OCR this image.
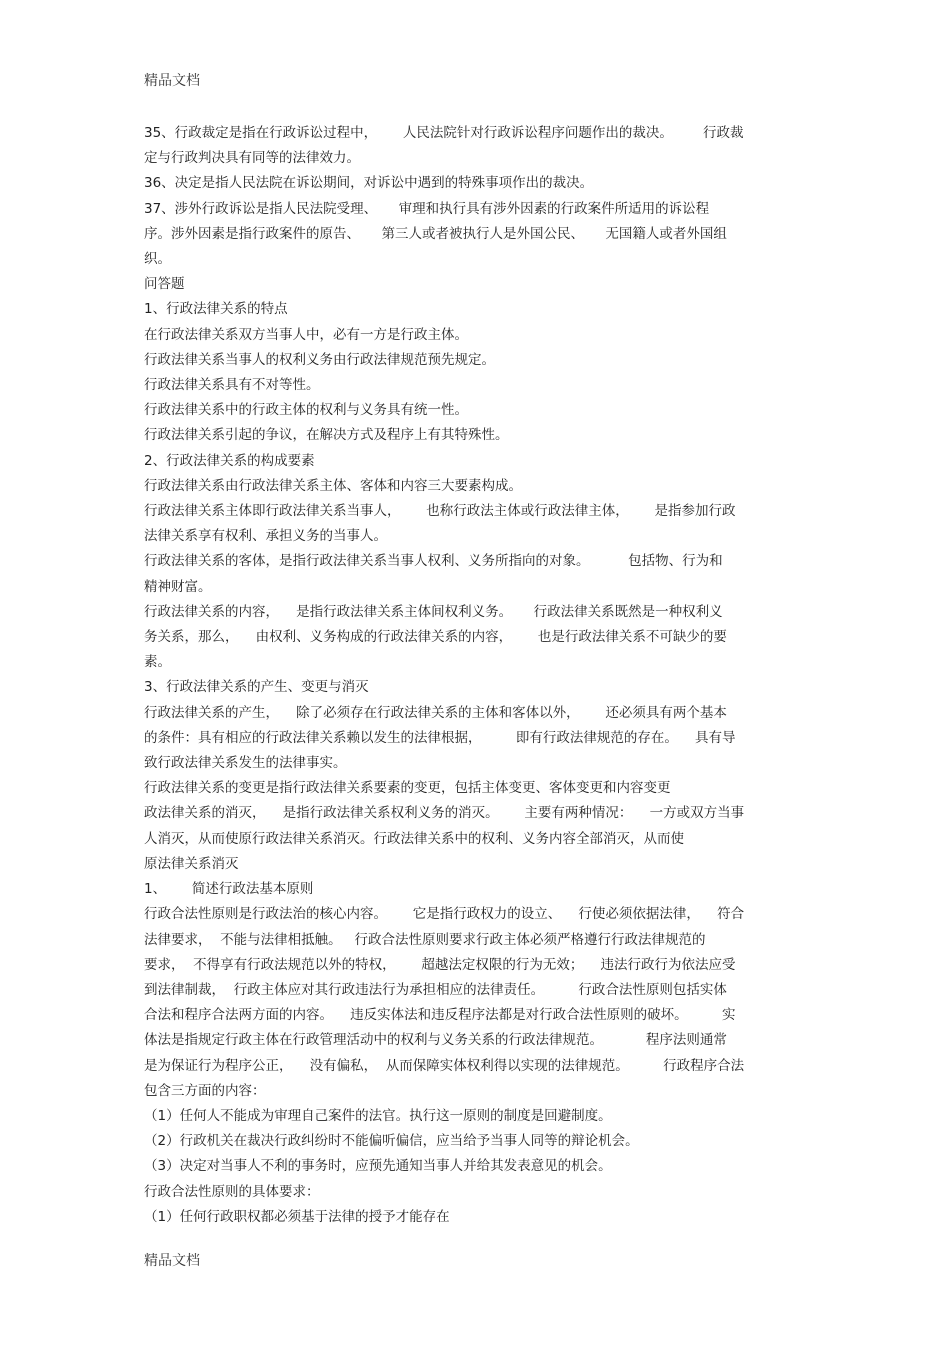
精品文档

35、行政裁定是指在行政诉讼过程中，      人民法院针对行政诉讼程序问题作出的裁决。       行政裁

定与行政判决具有同等的法律效力。

36、决定是指人民法院在诉讼期间，对诉讼中遇到的特殊事项作出的裁决。

37、涉外行政诉讼是指人民法院受理、     审理和执行具有涉外因素的行政案件所适用的诉讼程

序。涉外因素是指行政案件的原告、     第三人或者被执行人是外国公民、     无国籍人或者外国组

织。

问答题

1、行政法律关系的特点

在行政法律关系双方当事人中，必有一方是行政主体。

行政法律关系当事人的权利义务由行政法律规范预先规定。

行政法律关系具有不对等性。

行政法律关系中的行政主体的权利与义务具有统一性。

行政法律关系引起的争议，在解决方式及程序上有其特殊性。

2、行政法律关系的构成要素

行政法律关系由行政法律关系主体、客体和内容三大要素构成。

行政法律关系主体即行政法律关系当事人，      也称行政法主体或行政法律主体，      是指参加行政

法律关系享有权利、承担义务的当事人。

行政法律关系的客体，是指行政法律关系当事人权利、义务所指向的对象。         包括物、行为和

精神财富。

行政法律关系的内容，    是指行政法律关系主体间权利义务。     行政法律关系既然是一种权利义

务关系，那么，    由权利、义务构成的行政法律关系的内容，      也是行政法律关系不可缺少的要

素。

3、行政法律关系的产生、变更与消灭

行政法律关系的产生，    除了必须存在行政法律关系的主体和客体以外，      还必须具有两个基本

的条件：具有相应的行政法律关系赖以发生的法律根据，        即有行政法律规范的存在。    具有导

致行政法律关系发生的法律事实。

行政法律关系的变更是指行政法律关系要素的变更，包括主体变更、客体变更和内容变更

政法律关系的消灭，    是指行政法律关系权利义务的消灭。      主要有两种情况：    一方或双方当事

人消灭，从而使原行政法律关系消灭。行政法律关系中的权利、义务内容全部消灭，从而使

原法律关系消灭

1、      简述行政法基本原则

行政合法性原则是行政法治的核心内容。      它是指行政权力的设立、    行使必须依据法律，    符合

法律要求，  不能与法律相抵触。   行政合法性原则要求行政主体必须严格遵行行政法律规范的

要求，  不得享有行政法规范以外的特权，      超越法定权限的行为无效；    违法行政行为依法应受

到法律制裁，  行政主体应对其行政违法行为承担相应的法律责任。        行政合法性原则包括实体

合法和程序合法两方面的内容。    违反实体法和违反程序法都是对行政合法性原则的破坏。        实

体法是指规定行政主体在行政管理活动中的权利与义务关系的行政法律规范。          程序法则通常

是为保证行为程序公正，    没有偏私，  从而保障实体权利得以实现的法律规范。        行政程序合法

包含三方面的内容：

（1）任何人不能成为审理自己案件的法官。执行这一原则的制度是回避制度。

（2）行政机关在裁决行政纠纷时不能偏听偏信，应当给予当事人同等的辩论机会。

（3）决定对当事人不利的事务时，应预先通知当事人并给其发表意见的机会。

行政合法性原则的具体要求：

（1）任何行政职权都必须基于法律的授予才能存在

精品文档
